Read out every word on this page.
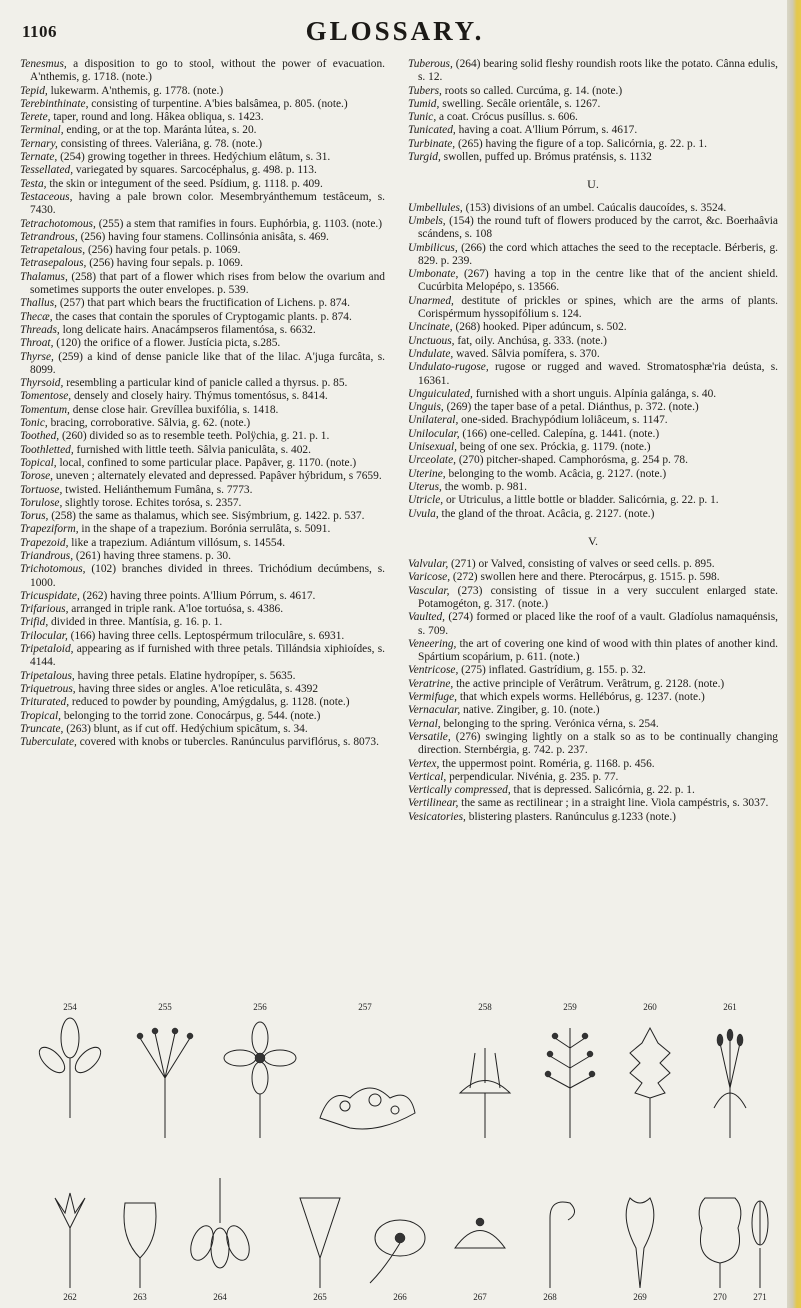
1106	GLOSSARY.

Tenesmus, a disposition to go to stool, without the power of evacuation. A'nthemis, g. 1718. (note.)

Tepid, lukewarm. A'nthemis, g. 1778. (note.)

Terebinthinate, consisting of turpentine. A'bies balsâmea, p. 805. (note.)

Terete, taper, round and long. Hâkea obliqua, s. 1423.

Terminal, ending, or at the top. Maránta lútea, s. 20.

Ternary, consisting of threes. Valeriâna, g. 78. (note.)

Ternate, (254) growing together in threes. Hedýchium elâtum, s. 31.

Tessellated, variegated by squares. Sarcocéphalus, g. 498. p. 113.

Testa, the skin or integument of the seed. Psídium, g. 1118. p. 409.

Testaceous, having a pale brown color. Mesembryánthemum testâceum, s. 7430.

Tetrachotomous, (255) a stem that ramifies in fours. Euphórbia, g. 1103. (note.)

Tetrandrous, (256) having four stamens. Collinsónia anisâta, s. 469.

Tetrapetalous, (256) having four petals. p. 1069.

Tetrasepalous, (256) having four sepals. p. 1069.

Thalamus, (258) that part of a flower which rises from below the ovarium and sometimes supports the outer envelopes. p. 539.

Thallus, (257) that part which bears the fructification of Lichens. p. 874.

Thecæ, the cases that contain the sporules of Cryptogamic plants. p. 874.

Threads, long delicate hairs. Anacámpseros filamentósa, s. 6632.

Throat, (120) the orifice of a flower. Justícia picta, s.285.

Thyrse, (259) a kind of dense panicle like that of the lilac. A'juga furcâta, s. 8099.

Thyrsoid, resembling a particular kind of panicle called a thyrsus. p. 85.

Tomentose, densely and closely hairy. Thýmus tomentósus, s. 8414.

Tomentum, dense close hair. Grevíllea buxifólia, s. 1418.

Tonic, bracing, corroborative. Sâlvia, g. 62. (note.)

Toothed, (260) divided so as to resemble teeth. Polÿchia, g. 21. p. 1.

Toothletted, furnished with little teeth. Sâlvia paniculâta, s. 402.

Topical, local, confined to some particular place. Papâver, g. 1170. (note.)

Torose, uneven ; alternately elevated and depressed. Papâver hýbridum, s 7659.

Tortuose, twisted. Heliánthemum Fumâna, s. 7773.

Torulose, slightly torose. Echites torósa, s. 2357.

Torus, (258) the same as thalamus, which see. Sisýmbrium, g. 1422. p. 537.

Trapeziform, in the shape of a trapezium. Borónia serrulâta, s. 5091.

Trapezoid, like a trapezium. Adiántum villósum, s. 14554.

Triandrous, (261) having three stamens. p. 30.

Trichotomous, (102) branches divided in threes. Trichódium decúmbens, s. 1000.

Tricuspidate, (262) having three points. A'llium Pórrum, s. 4617.

Trifarious, arranged in triple rank. A'loe tortuósa, s. 4386.

Trifid, divided in three. Mantísia, g. 16. p. 1.

Trilocular, (166) having three cells. Leptospérmum triloculâre, s. 6931.

Tripetaloid, appearing as if furnished with three petals. Tillándsia xiphioídes, s. 4144.

Tripetalous, having three petals. Elatine hydropíper, s. 5635.

Triquetrous, having three sides or angles. A'loe reticulâta, s. 4392

Triturated, reduced to powder by pounding, Amýgdalus, g. 1128. (note.)

Tropical, belonging to the torrid zone. Conocárpus, g. 544. (note.)

Truncate, (263) blunt, as if cut off. Hedýchium spicâtum, s. 34.

Tuberculate, covered with knobs or tubercles. Ranúnculus parviflórus, s. 8073.

Tuberous, (264) bearing solid fleshy roundish roots like the potato. Cânna edulis, s. 12.

Tubers, roots so called. Curcúma, g. 14. (note.)

Tumid, swelling. Secâle orientâle, s. 1267.

Tunic, a coat. Crócus pusíllus. s. 606.

Tunicated, having a coat. A'llium Pórrum, s. 4617.

Turbinate, (265) having the figure of a top. Salicórnia, g. 22. p. 1.

Turgid, swollen, puffed up. Brómus praténsis, s. 1132

U.

Umbellules, (153) divisions of an umbel. Caúcalis daucoídes, s. 3524.

Umbels, (154) the round tuft of flowers produced by the carrot, &c. Boerhaâvia scándens, s. 108

Umbilicus, (266) the cord which attaches the seed to the receptacle. Bérberis, g. 829. p. 239.

Umbonate, (267) having a top in the centre like that of the ancient shield. Cucúrbita Melopépo, s. 13566.

Unarmed, destitute of prickles or spines, which are the arms of plants. Corispérmum hyssopifólium s. 124.

Uncinate, (268) hooked. Piper adúncum, s. 502.

Unctuous, fat, oily. Anchúsa, g. 333. (note.)

Undulate, waved. Sâlvia pomífera, s. 370.

Undulato-rugose, rugose or rugged and waved. Stromatosphæ'ria deústa, s. 16361.

Unguiculated, furnished with a short unguis. Alpínia galánga, s. 40.

Unguis, (269) the taper base of a petal. Diánthus, p. 372. (note.)

Unilateral, one-sided. Brachypódium loliâceum, s. 1147.

Unilocular, (166) one-celled. Calepína, g. 1441. (note.)

Unisexual, being of one sex. Próckia, g. 1179. (note.)

Urceolate, (270) pitcher-shaped. Camphorósma, g. 254 p. 78.

Uterine, belonging to the womb. Acâcia, g. 2127. (note.)

Uterus, the womb. p. 981.

Utricle, or Utriculus, a little bottle or bladder. Salicórnia, g. 22. p. 1.

Uvula, the gland of the throat. Acâcia, g. 2127. (note.)

V.

Valvular, (271) or Valved, consisting of valves or seed cells. p. 895.

Varicose, (272) swollen here and there. Pterocárpus, g. 1515. p. 598.

Vascular, (273) consisting of tissue in a very succulent enlarged state. Potamogéton, g. 317. (note.)

Vaulted, (274) formed or placed like the roof of a vault. Gladíolus namaquénsis, s. 709.

Veneering, the art of covering one kind of wood with thin plates of another kind. Spártium scopárium, p. 611. (note.)

Ventricose, (275) inflated. Gastrídium, g. 155. p. 32.

Veratrine, the active principle of Verâtrum. Verâtrum, g. 2128. (note.)

Vermifuge, that which expels worms. Hellébórus, g. 1237. (note.)

Vernacular, native. Zingiber, g. 10. (note.)

Vernal, belonging to the spring. Verónica vérna, s. 254.

Versatile, (276) swinging lightly on a stalk so as to be continually changing direction. Sternbérgia, g. 742. p. 237.

Vertex, the uppermost point. Roméria, g. 1168. p. 456.

Vertical, perpendicular. Nivénia, g. 235. p. 77.

Vertically compressed, that is depressed. Salicórnia, g. 22. p. 1.

Vertilinear, the same as rectilinear ; in a straight line. Viola campéstris, s. 3037.

Vesicatories, blistering plasters. Ranúnculus g.1233 (note.)

254	255	256	257	258	259	260	261
262	263	264	265	266	267	268	269	270	271
